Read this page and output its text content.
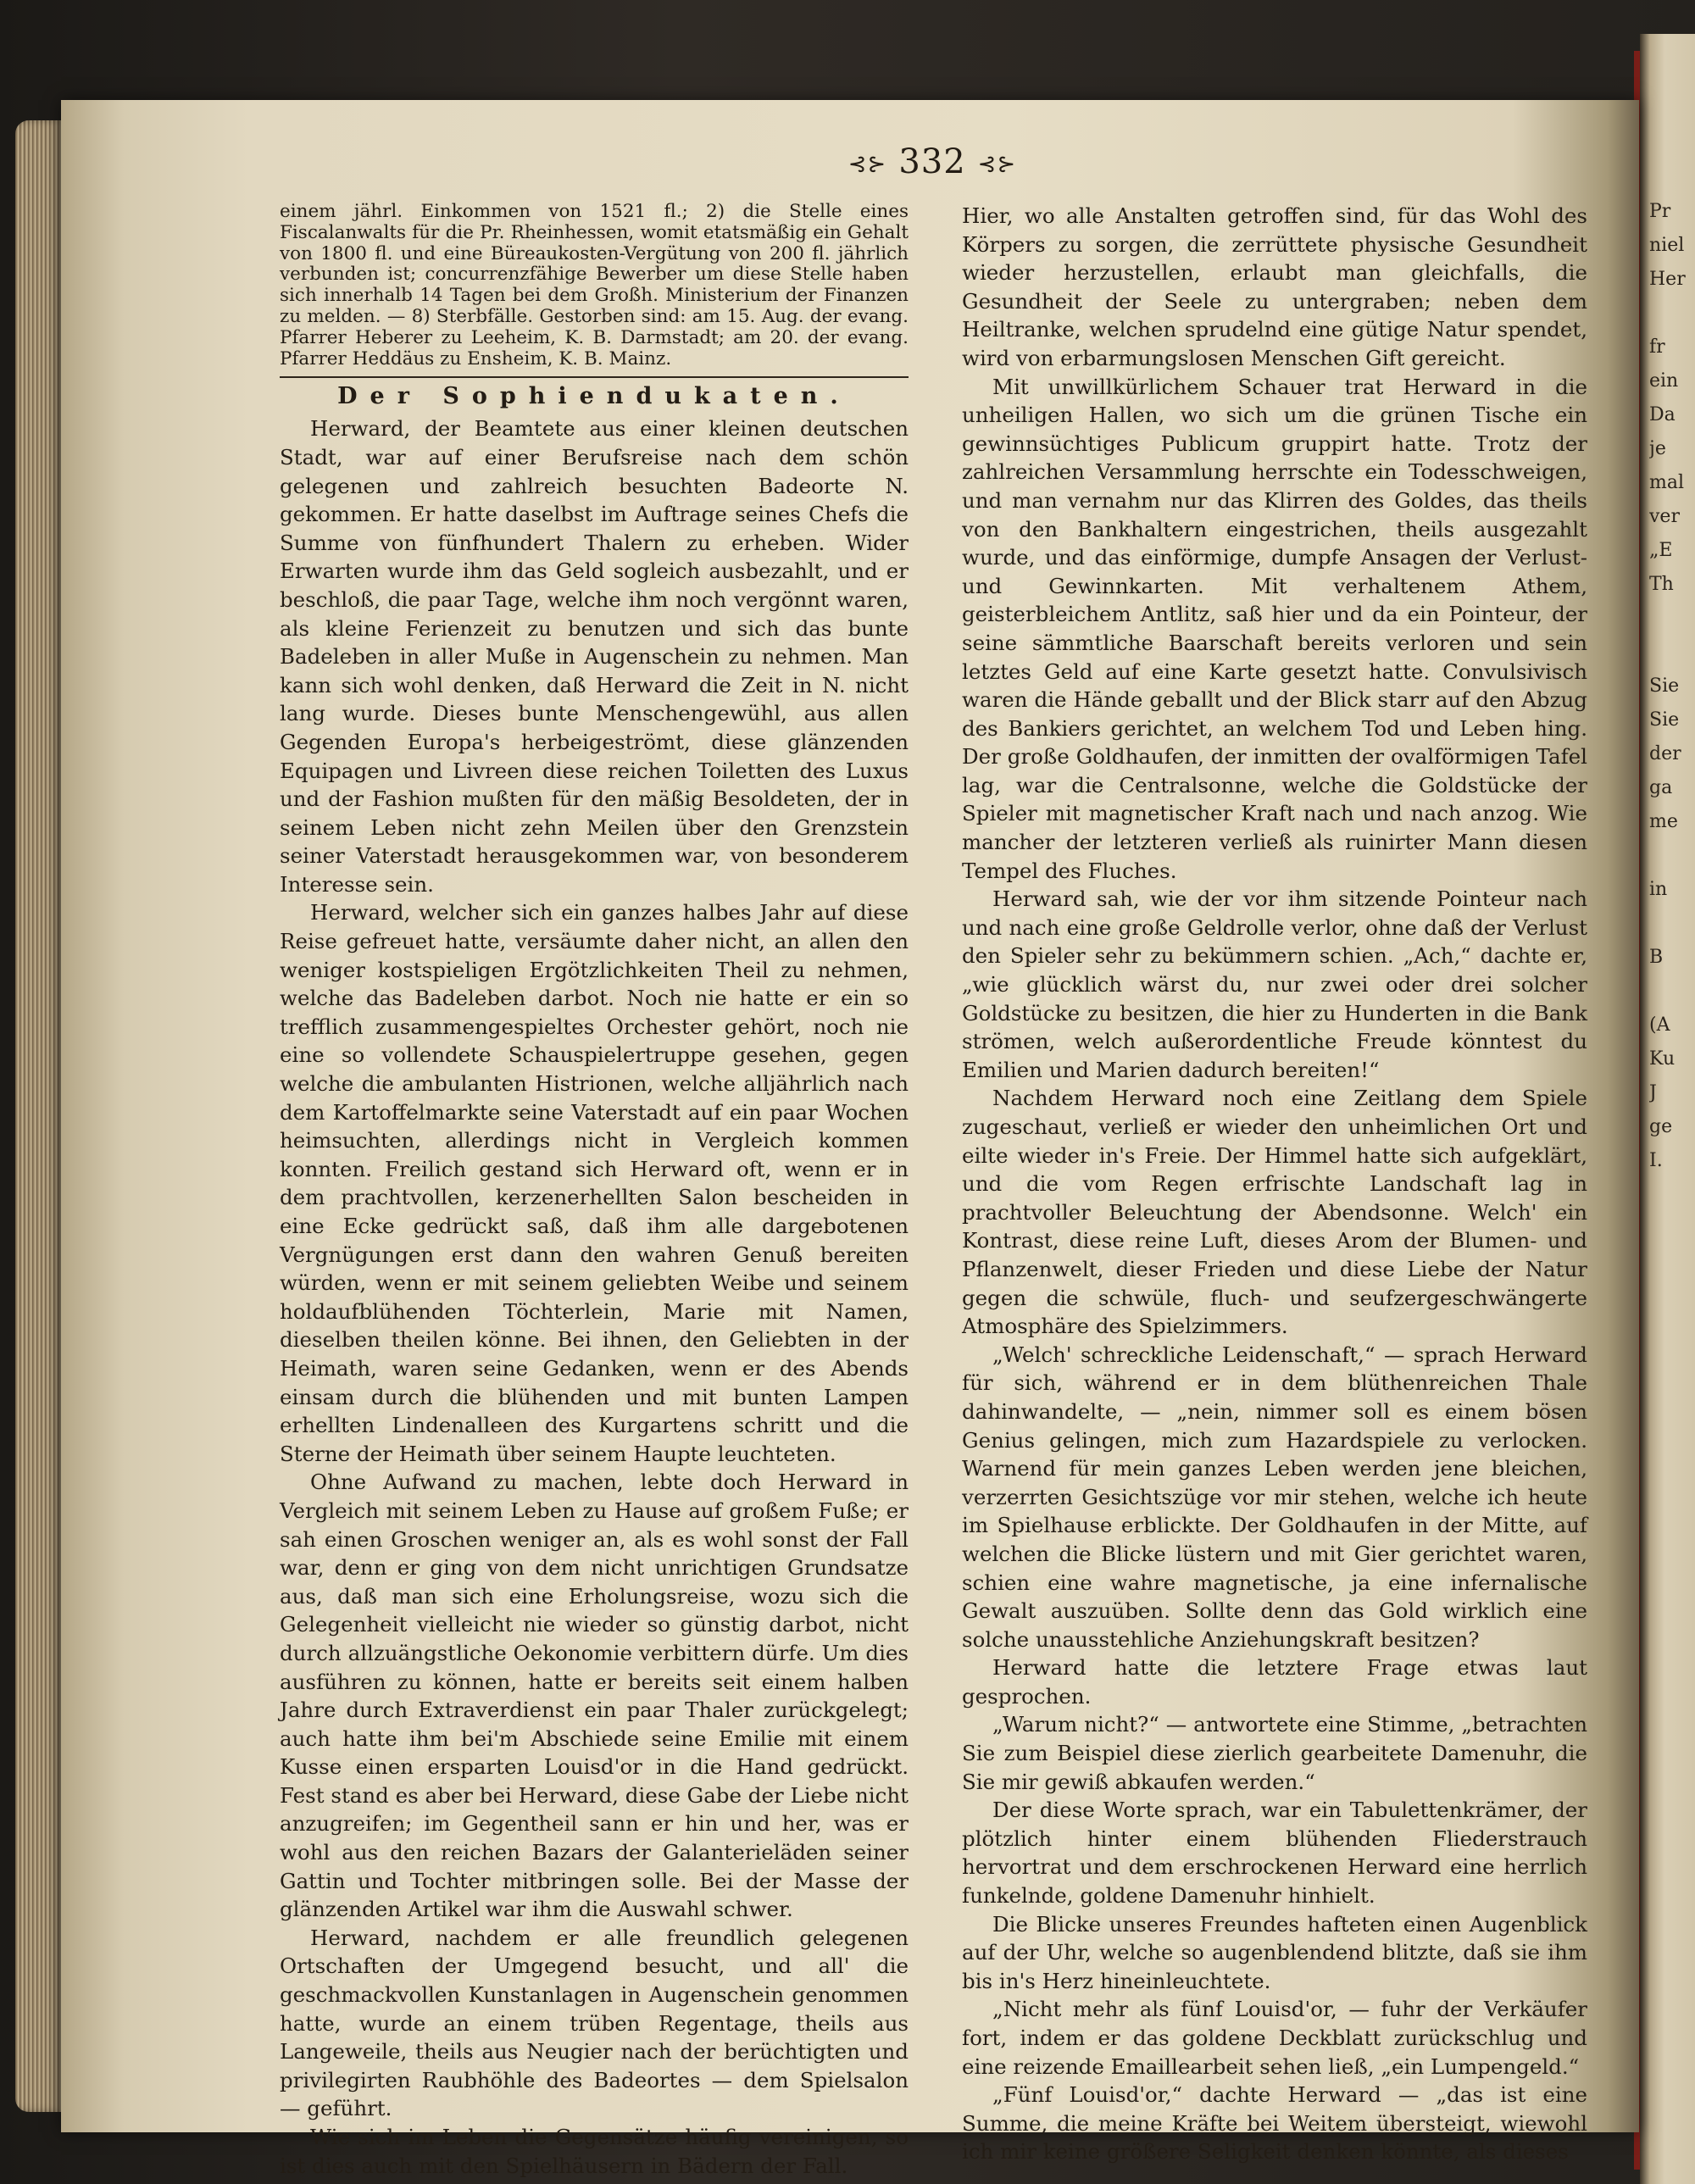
⊰⊱ 332 ⊰⊱

einem jährl. Einkommen von 1521 fl.; 2) die Stelle eines Fiscalanwalts für die Pr. Rheinhessen, womit etatsmäßig ein Gehalt von 1800 fl. und eine Büreaukosten-Vergütung von 200 fl. jährlich verbunden ist; concurrenzfähige Bewerber um diese Stelle haben sich innerhalb 14 Tagen bei dem Großh. Ministerium der Finanzen zu melden. — 8) Sterbfälle. Gestorben sind: am 15. Aug. der evang. Pfarrer Heberer zu Leeheim, K. B. Darmstadt; am 20. der evang. Pfarrer Heddäus zu Ensheim, K. B. Mainz.

Der Sophiendukaten.

Herward, der Beamtete aus einer kleinen deutschen Stadt, war auf einer Berufsreise nach dem schön gelegenen und zahlreich besuchten Badeorte N. gekommen. Er hatte daselbst im Auftrage seines Chefs die Summe von fünfhundert Thalern zu erheben. Wider Erwarten wurde ihm das Geld sogleich ausbezahlt, und er beschloß, die paar Tage, welche ihm noch vergönnt waren, als kleine Ferienzeit zu benutzen und sich das bunte Badeleben in aller Muße in Augenschein zu nehmen. Man kann sich wohl denken, daß Herward die Zeit in N. nicht lang wurde. Dieses bunte Menschengewühl, aus allen Gegenden Europa's herbeigeströmt, diese glänzenden Equipagen und Livreen diese reichen Toiletten des Luxus und der Fashion mußten für den mäßig Besoldeten, der in seinem Leben nicht zehn Meilen über den Grenzstein seiner Vaterstadt herausgekommen war, von besonderem Interesse sein.

Herward, welcher sich ein ganzes halbes Jahr auf diese Reise gefreuet hatte, versäumte daher nicht, an allen den weniger kostspieligen Ergötzlichkeiten Theil zu nehmen, welche das Badeleben darbot. Noch nie hatte er ein so trefflich zusammengespieltes Orchester gehört, noch nie eine so vollendete Schauspielertruppe gesehen, gegen welche die ambulanten Histrionen, welche alljährlich nach dem Kartoffelmarkte seine Vaterstadt auf ein paar Wochen heimsuchten, allerdings nicht in Vergleich kommen konnten. Freilich gestand sich Herward oft, wenn er in dem prachtvollen, kerzenerhellten Salon bescheiden in eine Ecke gedrückt saß, daß ihm alle dargebotenen Vergnügungen erst dann den wahren Genuß bereiten würden, wenn er mit seinem geliebten Weibe und seinem holdaufblühenden Töchterlein, Marie mit Namen, dieselben theilen könne. Bei ihnen, den Geliebten in der Heimath, waren seine Gedanken, wenn er des Abends einsam durch die blühenden und mit bunten Lampen erhellten Lindenalleen des Kurgartens schritt und die Sterne der Heimath über seinem Haupte leuchteten.

Ohne Aufwand zu machen, lebte doch Herward in Vergleich mit seinem Leben zu Hause auf großem Fuße; er sah einen Groschen weniger an, als es wohl sonst der Fall war, denn er ging von dem nicht unrichtigen Grundsatze aus, daß man sich eine Erholungsreise, wozu sich die Gelegenheit vielleicht nie wieder so günstig darbot, nicht durch allzuängstliche Oekonomie verbittern dürfe. Um dies ausführen zu können, hatte er bereits seit einem halben Jahre durch Extraverdienst ein paar Thaler zurückgelegt; auch hatte ihm bei'm Abschiede seine Emilie mit einem Kusse einen ersparten Louisd'or in die Hand gedrückt. Fest stand es aber bei Herward, diese Gabe der Liebe nicht anzugreifen; im Gegentheil sann er hin und her, was er wohl aus den reichen Bazars der Galanterieläden seiner Gattin und Tochter mitbringen solle. Bei der Masse der glänzenden Artikel war ihm die Auswahl schwer.

Herward, nachdem er alle freundlich gelegenen Ortschaften der Umgegend besucht, und all' die geschmackvollen Kunstanlagen in Augenschein genommen hatte, wurde an einem trüben Regentage, theils aus Langeweile, theils aus Neugier nach der berüchtigten und privilegirten Raubhöhle des Badeortes — dem Spielsalon — geführt.

Wie sich im Leben die Gegensätze häufig vereinigen, so ist dies auch mit den Spielhäusern in Bädern der Fall.

Hier, wo alle Anstalten getroffen sind, für das Wohl des Körpers zu sorgen, die zerrüttete physische Gesundheit wieder herzustellen, erlaubt man gleichfalls, die Gesundheit der Seele zu untergraben; neben dem Heiltranke, welchen sprudelnd eine gütige Natur spendet, wird von erbarmungslosen Menschen Gift gereicht.

Mit unwillkürlichem Schauer trat Herward in die unheiligen Hallen, wo sich um die grünen Tische ein gewinnsüchtiges Publicum gruppirt hatte. Trotz der zahlreichen Versammlung herrschte ein Todesschweigen, und man vernahm nur das Klirren des Goldes, das theils von den Bankhaltern eingestrichen, theils ausgezahlt wurde, und das einförmige, dumpfe Ansagen der Verlust- und Gewinnkarten. Mit verhaltenem Athem, geisterbleichem Antlitz, saß hier und da ein Pointeur, der seine sämmtliche Baarschaft bereits verloren und sein letztes Geld auf eine Karte gesetzt hatte. Convulsivisch waren die Hände geballt und der Blick starr auf den Abzug des Bankiers gerichtet, an welchem Tod und Leben hing. Der große Goldhaufen, der inmitten der ovalförmigen Tafel lag, war die Centralsonne, welche die Goldstücke der Spieler mit magnetischer Kraft nach und nach anzog. Wie mancher der letzteren verließ als ruinirter Mann diesen Tempel des Fluches.

Herward sah, wie der vor ihm sitzende Pointeur nach und nach eine große Geldrolle verlor, ohne daß der Verlust den Spieler sehr zu bekümmern schien. „Ach,“ dachte er, „wie glücklich wärst du, nur zwei oder drei solcher Goldstücke zu besitzen, die hier zu Hunderten in die Bank strömen, welch außerordentliche Freude könntest du Emilien und Marien dadurch bereiten!“

Nachdem Herward noch eine Zeitlang dem Spiele zugeschaut, verließ er wieder den unheimlichen Ort und eilte wieder in's Freie. Der Himmel hatte sich aufgeklärt, und die vom Regen erfrischte Landschaft lag in prachtvoller Beleuchtung der Abendsonne. Welch' ein Kontrast, diese reine Luft, dieses Arom der Blumen- und Pflanzenwelt, dieser Frieden und diese Liebe der Natur gegen die schwüle, fluch- und seufzergeschwängerte Atmosphäre des Spielzimmers.

„Welch' schreckliche Leidenschaft,“ — sprach Herward für sich, während er in dem blüthenreichen Thale dahinwandelte, — „nein, nimmer soll es einem bösen Genius gelingen, mich zum Hazardspiele zu verlocken. Warnend für mein ganzes Leben werden jene bleichen, verzerrten Gesichtszüge vor mir stehen, welche ich heute im Spielhause erblickte. Der Goldhaufen in der Mitte, auf welchen die Blicke lüstern und mit Gier gerichtet waren, schien eine wahre magnetische, ja eine infernalische Gewalt auszuüben. Sollte denn das Gold wirklich eine solche unausstehliche Anziehungskraft besitzen?

Herward hatte die letztere Frage etwas laut gesprochen.

„Warum nicht?“ — antwortete eine Stimme, „betrachten Sie zum Beispiel diese zierlich gearbeitete Damenuhr, die Sie mir gewiß abkaufen werden.“

Der diese Worte sprach, war ein Tabulettenkrämer, der plötzlich hinter einem blühenden Fliederstrauch hervortrat und dem erschrockenen Herward eine herrlich funkelnde, goldene Damenuhr hinhielt.

Die Blicke unseres Freundes hafteten einen Augenblick auf der Uhr, welche so augenblendend blitzte, daß sie ihm bis in's Herz hineinleuchtete.

„Nicht mehr als fünf Louisd'or, — fuhr der Verkäufer fort, indem er das goldene Deckblatt zurückschlug und eine reizende Emaillearbeit sehen ließ, „ein Lumpengeld.“

„Fünf Louisd'or,“ dachte Herward — „das ist eine Summe, die meine Kräfte bei Weitem übersteigt, wiewohl ich mir keine größere Seligkeit denken könnte, als dieses

Pr
niel
Her

fr
ein
Da
je
mal
ver
„E
Th

Sie
Sie
der
ga
me

in

B

(A
Ku
J
ge
I.
